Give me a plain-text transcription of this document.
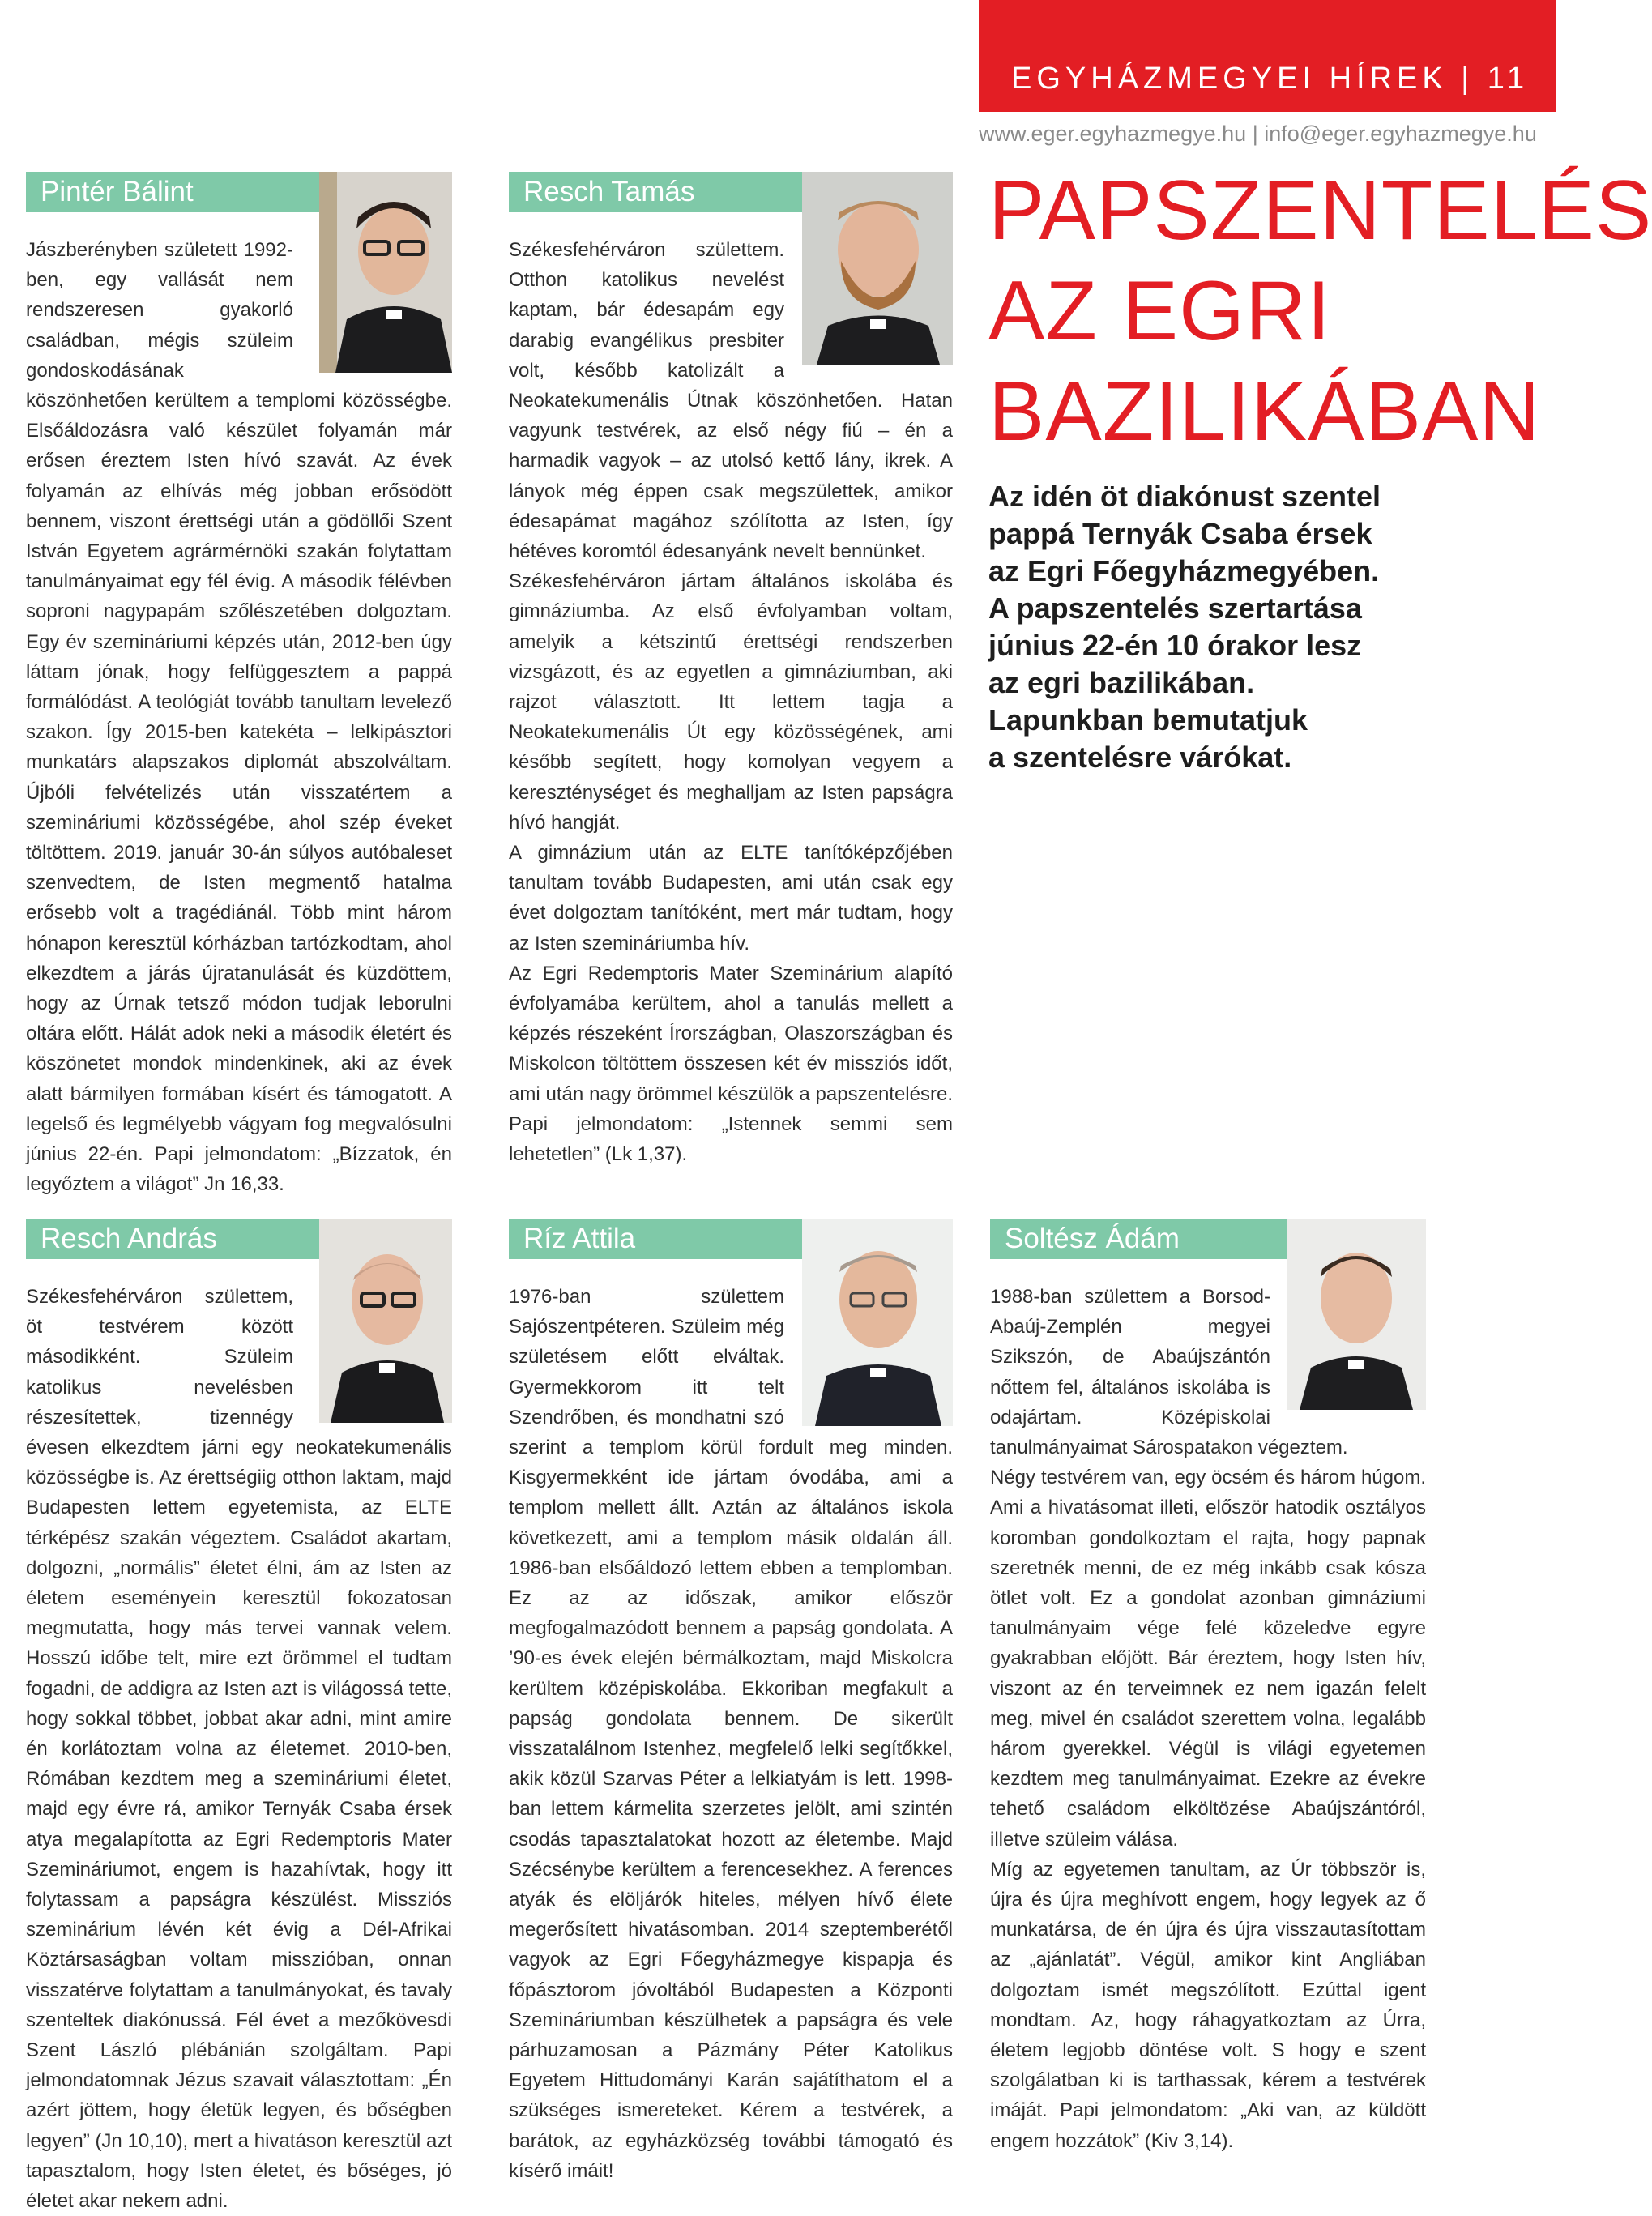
EGYHÁZMEGYEI HÍREK | 11
www.eger.egyhazmegye.hu | info@eger.egyhazmegye.hu
Pintér Bálint

Jászberényben született 1992-ben, egy vallását nem rendszeresen gyakorló családban, mégis szüleim gondoskodásának köszönhetően kerültem a templomi közösségbe. Elsőáldozásra való készület folyamán már erősen éreztem Isten hívó szavát. Az évek folyamán az elhívás még jobban erősödött bennem, viszont érettségi után a gödöllői Szent István Egyetem agrármérnöki szakán folytattam tanulmányaimat egy fél évig. A második félévben soproni nagypapám szőlészetében dolgoztam. Egy év szemináriumi képzés után, 2012-ben úgy láttam jónak, hogy felfüggesztem a pappá formálódást. A teológiát tovább tanultam levelező szakon. Így 2015-ben katekéta – lelkipásztori munkatárs alapszakos diplomát abszolváltam. Újbóli felvételizés után visszatértem a szemináriumi közösségébe, ahol szép éveket töltöttem. 2019. január 30-án súlyos autóbaleset szenvedtem, de Isten megmentő hatalma erősebb volt a tragédiánál. Több mint három hónapon keresztül kórházban tartózkodtam, ahol elkezdtem a járás újratanulását és küzdöttem, hogy az Úrnak tetsző módon tudjak leborulni oltára előtt. Hálát adok neki a második életért és köszönetet mondok mindenkinek, aki az évek alatt bármilyen formában kísért és támogatott. A legelső és legmélyebb vágyam fog megvalósulni június 22-én. Papi jelmondatom: „Bízzatok, én legyőztem a világot” Jn 16,33.

Resch Tamás

Székesfehérváron születtem. Otthon katolikus nevelést kaptam, bár édesapám egy darabig evangélikus presbiter volt, később katolizált a Neokatekumenális Útnak köszönhetően. Hatan vagyunk testvérek, az első négy fiú – én a harmadik vagyok – az utolsó kettő lány, ikrek. A lányok még éppen csak megszülettek, amikor édesapámat magához szólította az Isten, így hétéves koromtól édesanyánk nevelt bennünket.

Székesfehérváron jártam általános iskolába és gimnáziumba. Az első évfolyamban voltam, amelyik a kétszintű érettségi rendszerben vizsgázott, és az egyetlen a gimnáziumban, aki rajzot választott. Itt lettem tagja a Neokatekumenális Út egy közösségének, ami később segített, hogy komolyan vegyem a kereszténységet és meghalljam az Isten papságra hívó hangját.

A gimnázium után az ELTE tanítóképzőjében tanultam tovább Budapesten, ami után csak egy évet dolgoztam tanítóként, mert már tudtam, hogy az Isten szemináriumba hív.

Az Egri Redemptoris Mater Szeminárium alapító évfolyamába kerültem, ahol a tanulás mellett a képzés részeként Írországban, Olaszországban és Miskolcon töltöttem összesen két év missziós időt, ami után nagy örömmel készülök a papszentelésre. Papi jelmondatom: „Istennek semmi sem lehetetlen” (Lk 1,37).

PAPSZENTELÉS
AZ EGRI
BAZILIKÁBAN
Az idén öt diakónust szentel
pappá Ternyák Csaba érsek
az Egri Főegyházmegyében.
A papszentelés szertartása
június 22-én 10 órakor lesz
az egri bazilikában.
Lapunkban bemutatjuk
a szentelésre várókat.
Resch András

Székesfehérváron születtem, öt testvérem között másodikként. Szüleim katolikus nevelésben részesítettek, tizennégy évesen elkezdtem járni egy neokatekumenális közösségbe is. Az érettségiig otthon laktam, majd Budapesten lettem egyetemista, az ELTE térképész szakán végeztem. Családot akartam, dolgozni, „normális” életet élni, ám az Isten az életem eseményein keresztül fokozatosan megmutatta, hogy más tervei vannak velem. Hosszú időbe telt, mire ezt örömmel el tudtam fogadni, de addigra az Isten azt is világossá tette, hogy sokkal többet, jobbat akar adni, mint amire én korlátoztam volna az életemet. 2010-ben, Rómában kezdtem meg a szemináriumi életet, majd egy évre rá, amikor Ternyák Csaba érsek atya megalapította az Egri Redemptoris Mater Szemináriumot, engem is hazahívtak, hogy itt folytassam a papságra készülést. Missziós szeminárium lévén két évig a Dél-Afrikai Köztársaságban voltam misszióban, onnan visszatérve folytattam a tanulmányokat, és tavaly szenteltek diakónussá. Fél évet a mezőkövesdi Szent László plébánián szolgáltam. Papi jelmondatomnak Jézus szavait választottam: „Én azért jöttem, hogy életük legyen, és bőségben legyen” (Jn 10,10), mert a hivatáson keresztül azt tapasztalom, hogy Isten életet, és bőséges, jó életet akar nekem adni.

Ríz Attila

1976-ban születtem Sajószentpéteren. Szüleim még születésem előtt elváltak. Gyermekkorom itt telt Szendrőben, és mondhatni szó szerint a templom körül fordult meg minden. Kisgyermekként ide jártam óvodába, ami a templom mellett állt. Aztán az általános iskola következett, ami a templom másik oldalán áll. 1986-ban elsőáldozó lettem ebben a templomban. Ez az az időszak, amikor először megfogalmazódott bennem a papság gondolata. A ’90-es évek elején bérmálkoztam, majd Miskolcra kerültem középiskolába. Ekkoriban megfakult a papság gondolata bennem. De sikerült visszatalálnom Istenhez, megfelelő lelki segítőkkel, akik közül Szarvas Péter a lelkiatyám is lett. 1998-ban lettem kármelita szerzetes jelölt, ami szintén csodás tapasztalatokat hozott az életembe. Majd Szécsénybe kerültem a ferencesekhez. A ferences atyák és elöljárók hiteles, mélyen hívő élete megerősített hivatásomban. 2014 szeptemberétől vagyok az Egri Főegyházmegye kispapja és főpásztorom jóvoltából Budapesten a Központi Szemináriumban készülhetek a papságra és vele párhuzamosan a Pázmány Péter Katolikus Egyetem Hittudományi Karán sajátíthatom el a szükséges ismereteket. Kérem a testvérek, a barátok, az egyházközség további támogató és kísérő imáit!

Soltész Ádám

1988-ban születtem a Borsod-Abaúj-Zemplén megyei Szikszón, de Abaújszántón nőttem fel, általános iskolába is odajártam. Középiskolai tanulmányaimat Sárospatakon végeztem.

Négy testvérem van, egy öcsém és három húgom. Ami a hivatásomat illeti, először hatodik osztályos koromban gondolkoztam el rajta, hogy papnak szeretnék menni, de ez még inkább csak kósza ötlet volt. Ez a gondolat azonban gimnáziumi tanulmányaim vége felé közeledve egyre gyakrabban előjött. Bár éreztem, hogy Isten hív, viszont az én terveimnek ez nem igazán felelt meg, mivel én családot szerettem volna, legalább három gyerekkel. Végül is világi egyetemen kezdtem meg tanulmányaimat. Ezekre az évekre tehető családom elköltözése Abaújszántóról, illetve szüleim válása.

Míg az egyetemen tanultam, az Úr többször is, újra és újra meghívott engem, hogy legyek az ő munkatársa, de én újra és újra visszautasítottam az „ajánlatát”. Végül, amikor kint Angliában dolgoztam ismét megszólított. Ezúttal igent mondtam. Az, hogy ráhagyatkoztam az Úrra, életem legjobb döntése volt. S hogy e szent szolgálatban ki is tarthassak, kérem a testvérek imáját. Papi jelmondatom: „Aki van, az küldött engem hozzátok” (Kiv 3,14).
